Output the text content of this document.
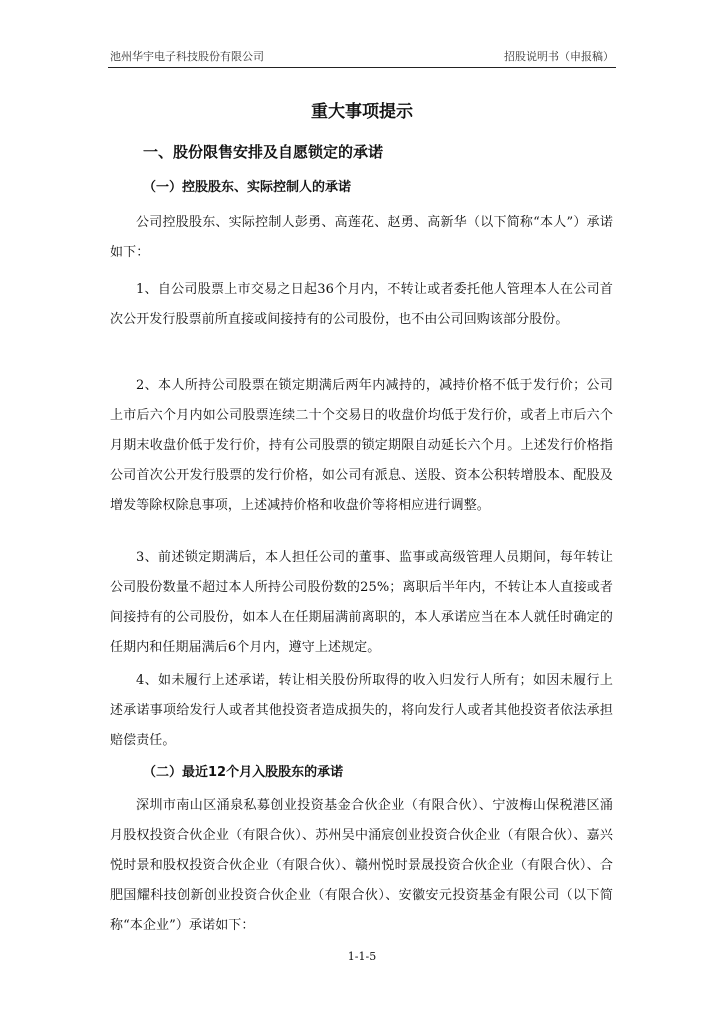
池州华宇电子科技股份有限公司	招股说明书（申报稿）
重大事项提示
一、股份限售安排及自愿锁定的承诺
（一）控股股东、实际控制人的承诺
公司控股股东、实际控制人彭勇、高莲花、赵勇、高新华（以下简称“本人”）承诺如下：
1、自公司股票上市交易之日起36个月内，不转让或者委托他人管理本人在公司首次公开发行股票前所直接或间接持有的公司股份，也不由公司回购该部分股份。
2、本人所持公司股票在锁定期满后两年内减持的，减持价格不低于发行价；公司上市后六个月内如公司股票连续二十个交易日的收盘价均低于发行价，或者上市后六个月期末收盘价低于发行价，持有公司股票的锁定期限自动延长六个月。上述发行价格指公司首次公开发行股票的发行价格，如公司有派息、送股、资本公积转增股本、配股及增发等除权除息事项，上述减持价格和收盘价等将相应进行调整。
3、前述锁定期满后，本人担任公司的董事、监事或高级管理人员期间，每年转让公司股份数量不超过本人所持公司股份数的25%；离职后半年内，不转让本人直接或者间接持有的公司股份，如本人在任期届满前离职的，本人承诺应当在本人就任时确定的任期内和任期届满后6个月内，遵守上述规定。
4、如未履行上述承诺，转让相关股份所取得的收入归发行人所有；如因未履行上述承诺事项给发行人或者其他投资者造成损失的，将向发行人或者其他投资者依法承担赔偿责任。
（二）最近12个月入股股东的承诺
深圳市南山区涌泉私募创业投资基金合伙企业（有限合伙）、宁波梅山保税港区涌月股权投资合伙企业（有限合伙）、苏州吴中涌宸创业投资合伙企业（有限合伙）、嘉兴悦时景和股权投资合伙企业（有限合伙）、赣州悦时景晟投资合伙企业（有限合伙）、合肥国耀科技创新创业投资合伙企业（有限合伙）、安徽安元投资基金有限公司（以下简称“本企业”）承诺如下：
1-1-5
